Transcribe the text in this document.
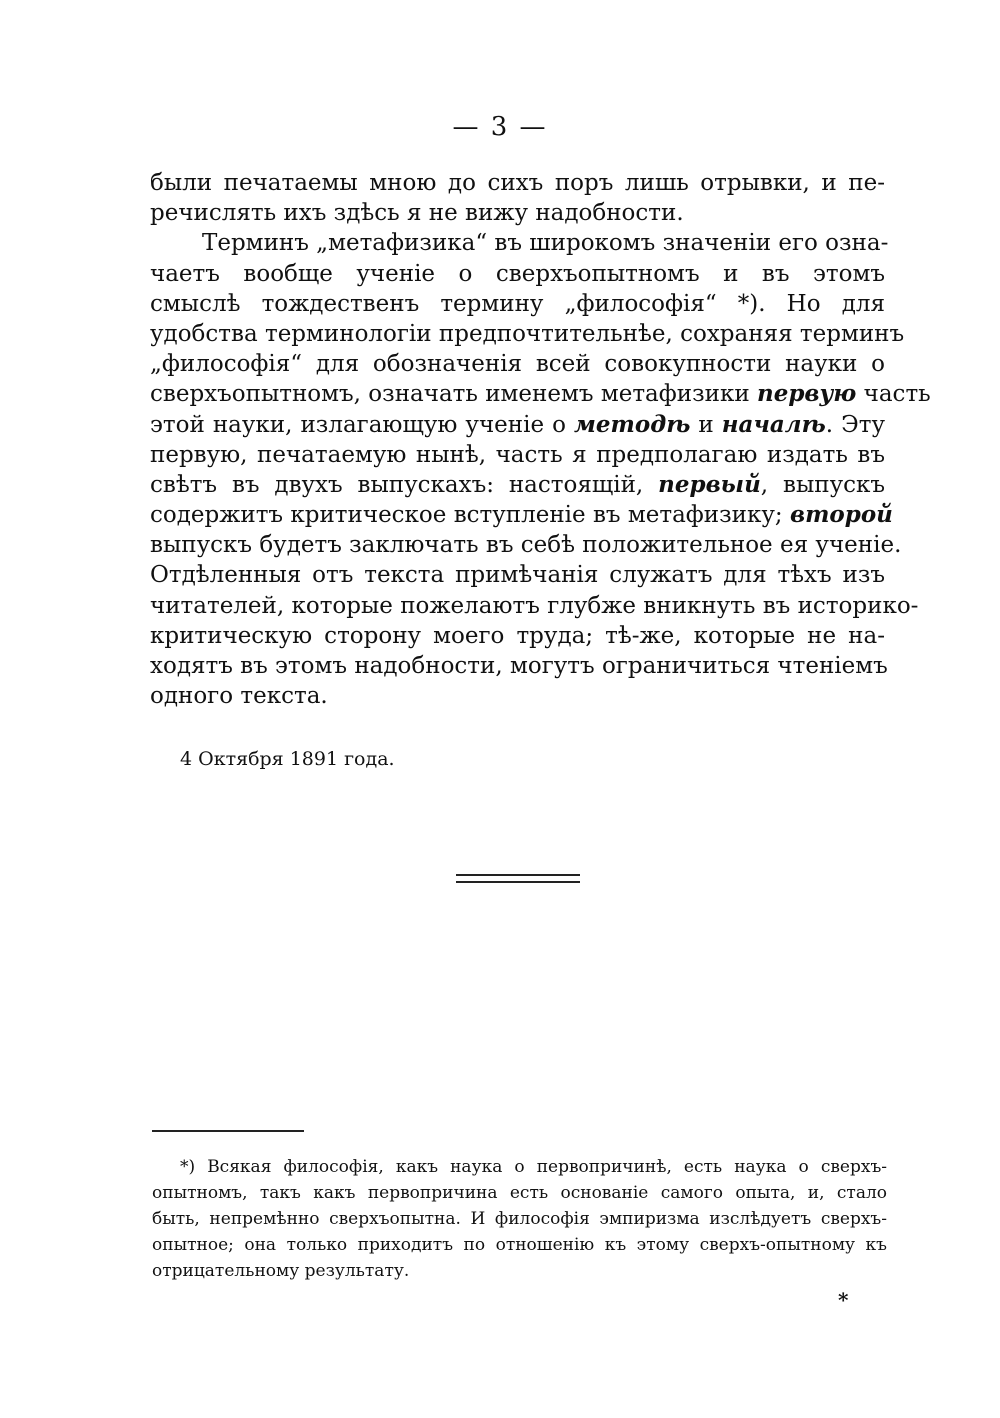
— 3 —
были печатаемы мною до сихъ поръ лишь отрывки, и пе-
речислять ихъ здѣсь я не вижу надобности.
Терминъ „метафизика“ въ широкомъ значеніи его озна-
чаетъ вообще ученіе о сверхъопытномъ и въ этомъ
смыслѣ тождественъ термину „философія“ *). Но для
удобства терминологіи предпочтительнѣе, сохраняя терминъ
„философія“ для обозначенія всей совокупности науки о
сверхъопытномъ, означать именемъ метафизики первую часть
этой науки, излагающую ученіе о методѣ и началѣ. Эту
первую, печатаемую нынѣ, часть я предполагаю издать въ
свѣтъ въ двухъ выпускахъ: настоящій, первый, выпускъ
содержитъ критическое вступленіе въ метафизику; второй
выпускъ будетъ заключать въ себѣ положительное ея ученіе.
Отдѣленныя отъ текста примѣчанія служатъ для тѣхъ изъ
читателей, которые пожелаютъ глубже вникнуть въ историко-
критическую сторону моего труда; тѣ-же, которые не на-
ходятъ въ этомъ надобности, могутъ ограничиться чтеніемъ
одного текста.
4 Октября 1891 года.
*) Всякая философія, какъ наука о первопричинѣ, есть наука о сверхъ-
опытномъ, такъ какъ первопричина есть основаніе самого опыта, и, стало
быть, непремѣнно сверхъопытна. И философія эмпиризма изслѣдуетъ сверхъ-
опытное; она только приходитъ по отношенію къ этому сверхъ-опытному къ
отрицательному результату.
*
